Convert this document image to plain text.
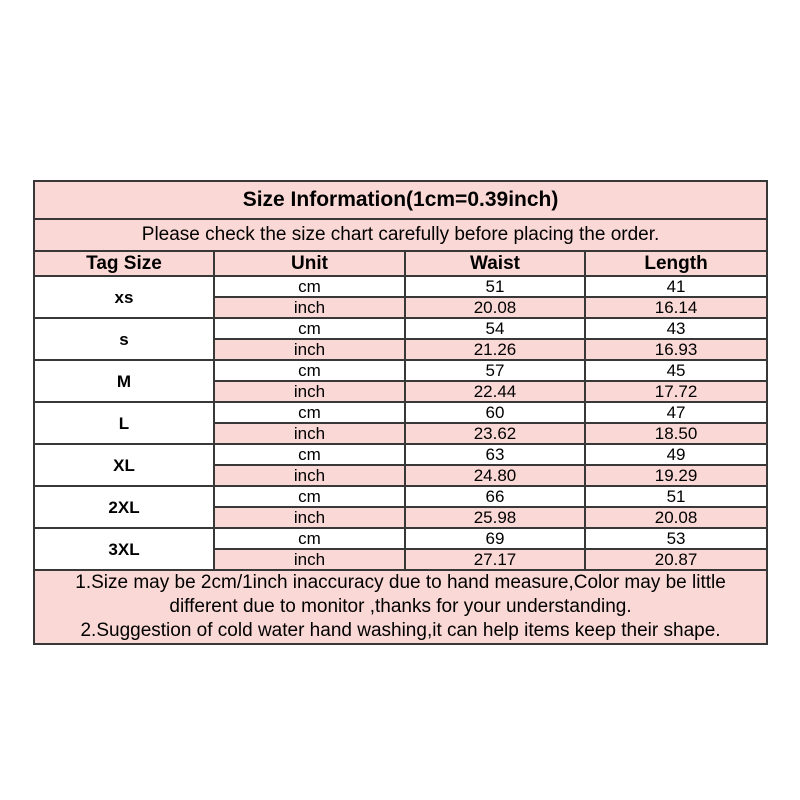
Size Information(1cm=0.39inch)			
Please check the size chart carefully before placing the order.			
Tag Size	Unit	Waist	Length
xs	cm	51	41
	inch	20.08	16.14
s	cm	54	43
	inch	21.26	16.93
M	cm	57	45
	inch	22.44	17.72
L	cm	60	47
	inch	23.62	18.50
XL	cm	63	49
	inch	24.80	19.29
2XL	cm	66	51
	inch	25.98	20.08
3XL	cm	69	53
	inch	27.17	20.87

1.Size may be 2cm/1inch inaccuracy due to hand measure,Color may be little
different due to monitor ,thanks for your understanding.
2.Suggestion of cold water hand washing,it can help items keep their shape.			
